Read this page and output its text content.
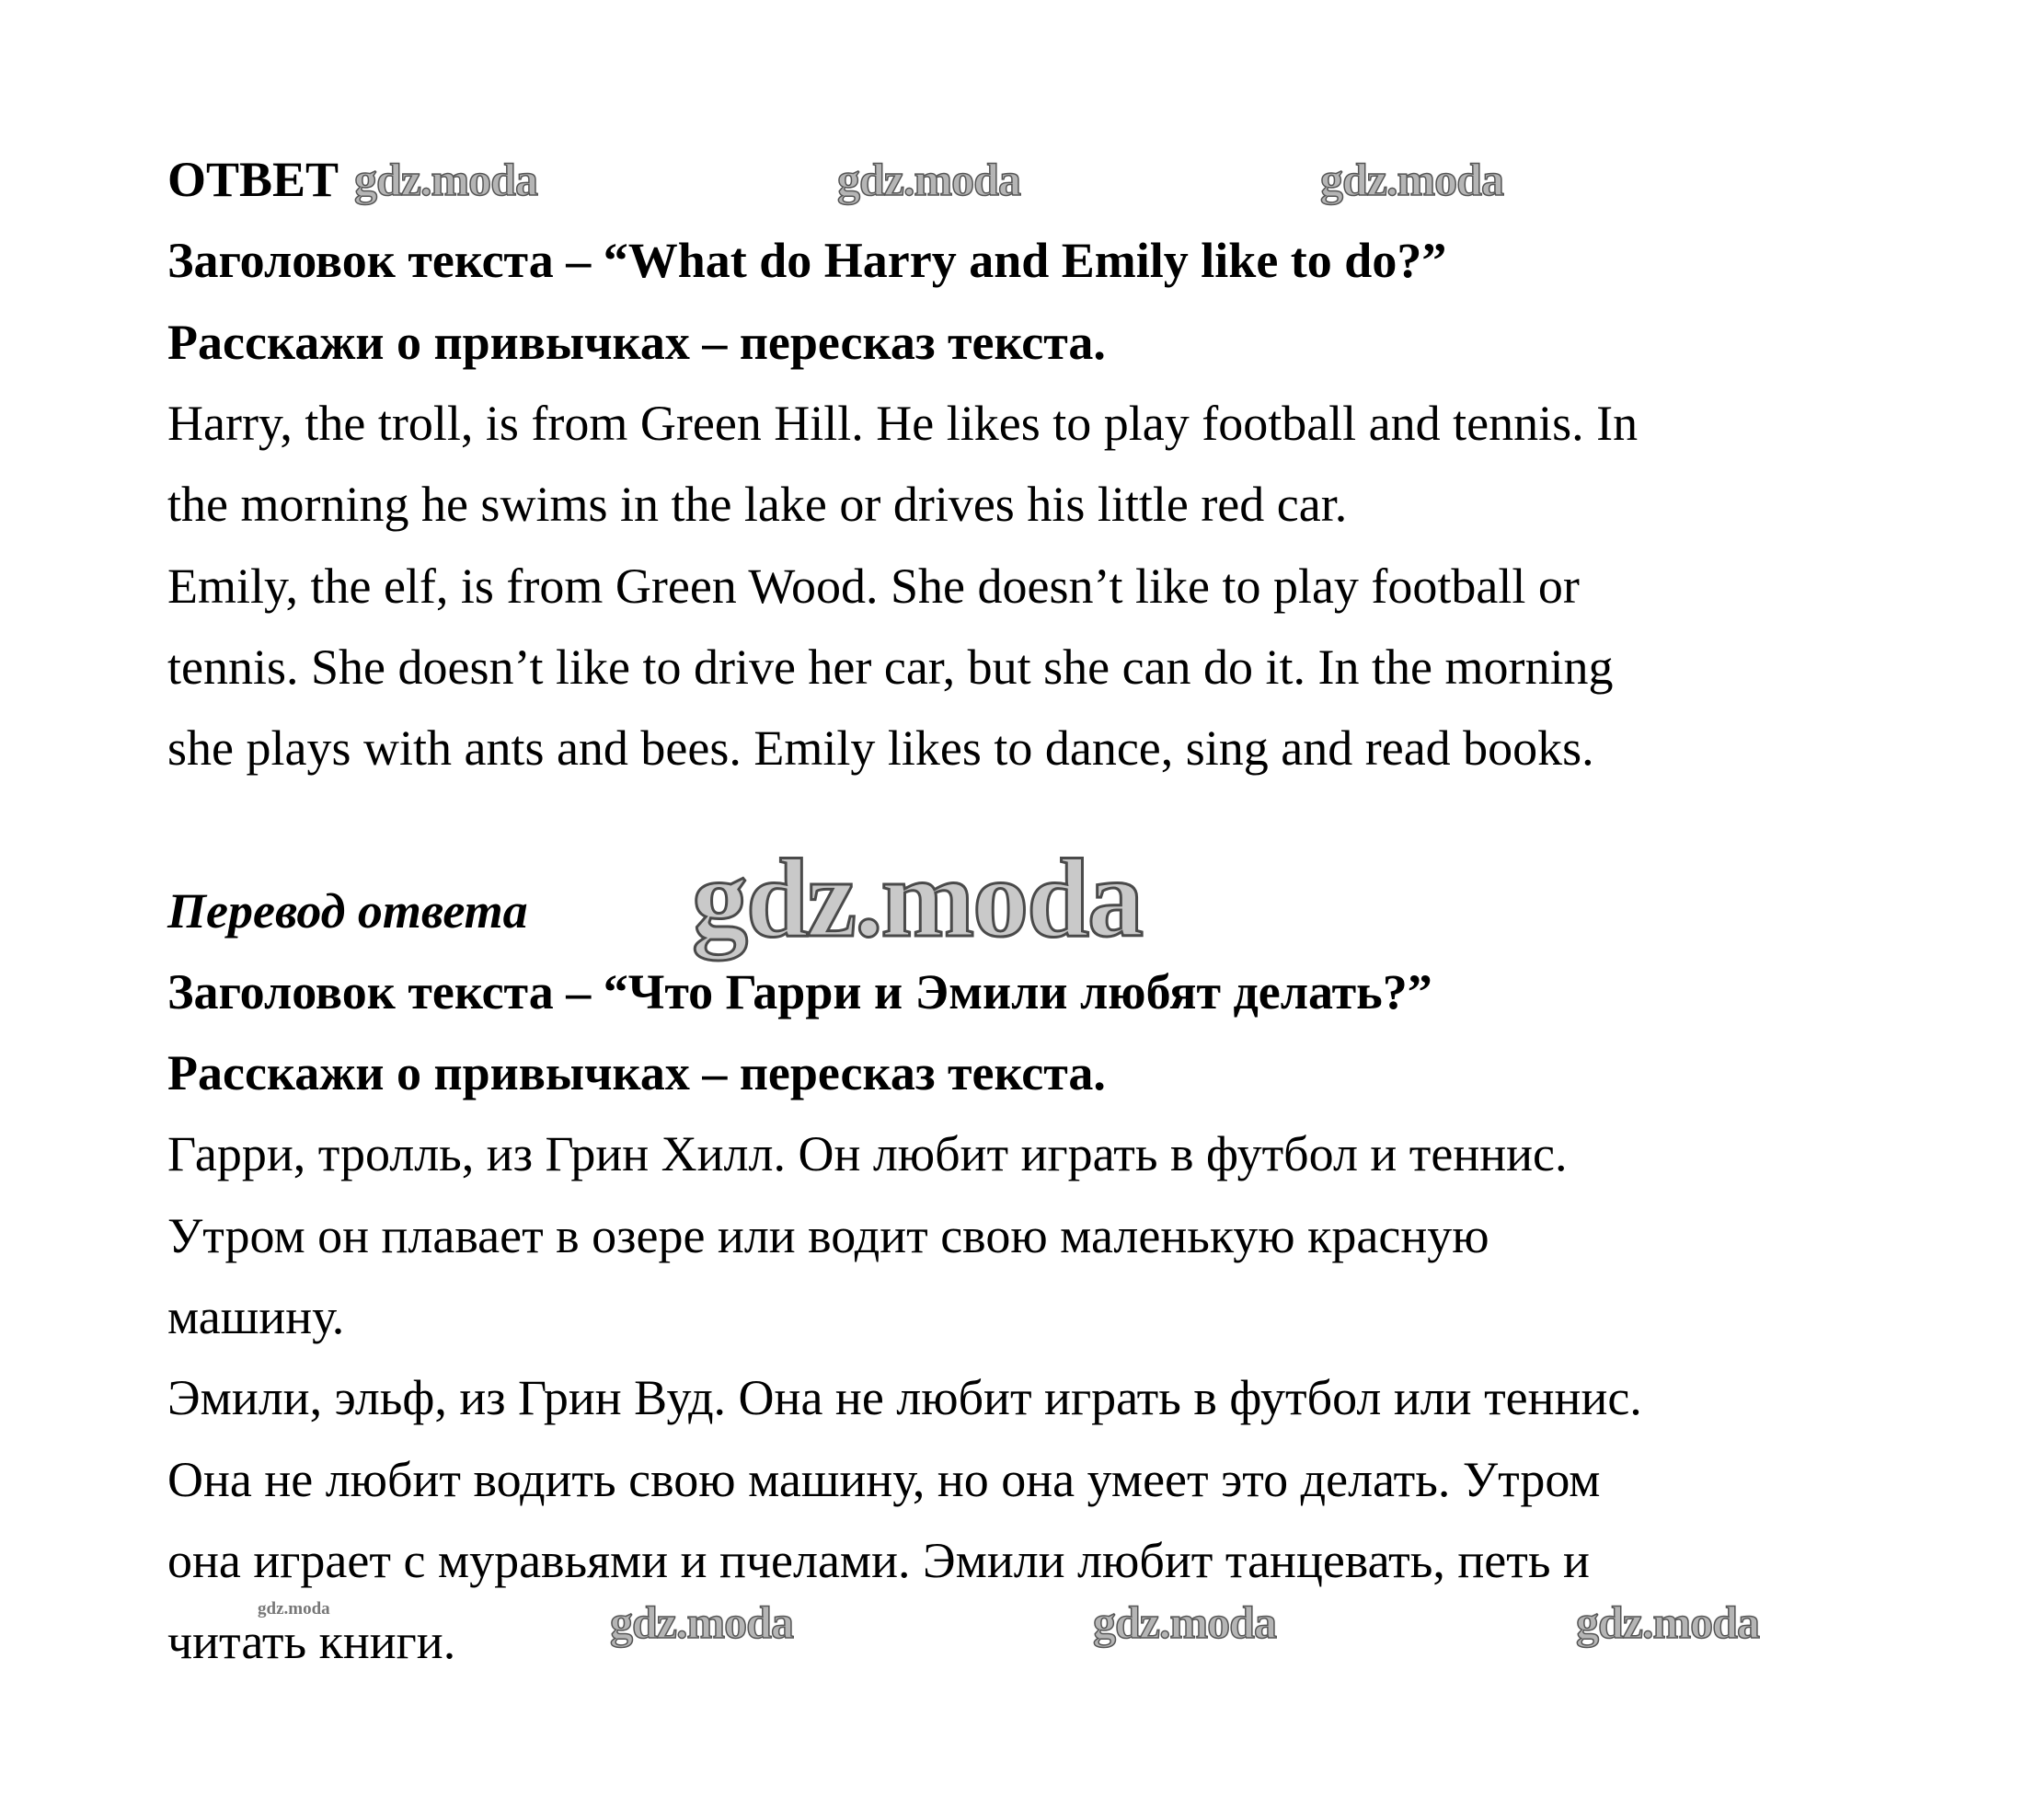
ОТВЕТ gdz.moda	gdz.moda	gdz.moda
Заголовок текста – “What do Harry and Emily like to do?”
Расскажи о привычках – пересказ текста.
Harry, the troll, is from Green Hill. He likes to play football and tennis. In
the morning he swims in the lake or drives his little red car.
Emily, the elf, is from Green Wood. She doesn’t like to play football or
tennis. She doesn’t like to drive her car, but she can do it. In the morning
she plays with ants and bees. Emily likes to dance, sing and read books.
Перевод ответа gdz.moda
Заголовок текста – “Что Гарри и Эмили любят делать?”
Расскажи о привычках – пересказ текста.
Гарри, тролль, из Грин Хилл. Он любит играть в футбол и теннис.
Утром он плавает в озере или водит свою маленькую красную
машину.
Эмили, эльф, из Грин Вуд. Она не любит играть в футбол или теннис.
Она не любит водить свою машину, но она умеет это делать. Утром
она играет с муравьями и пчелами. Эмили любит танцевать, петь и
читать книги.
gdz.moda	gdz.moda	gdz.moda	gdz.moda
